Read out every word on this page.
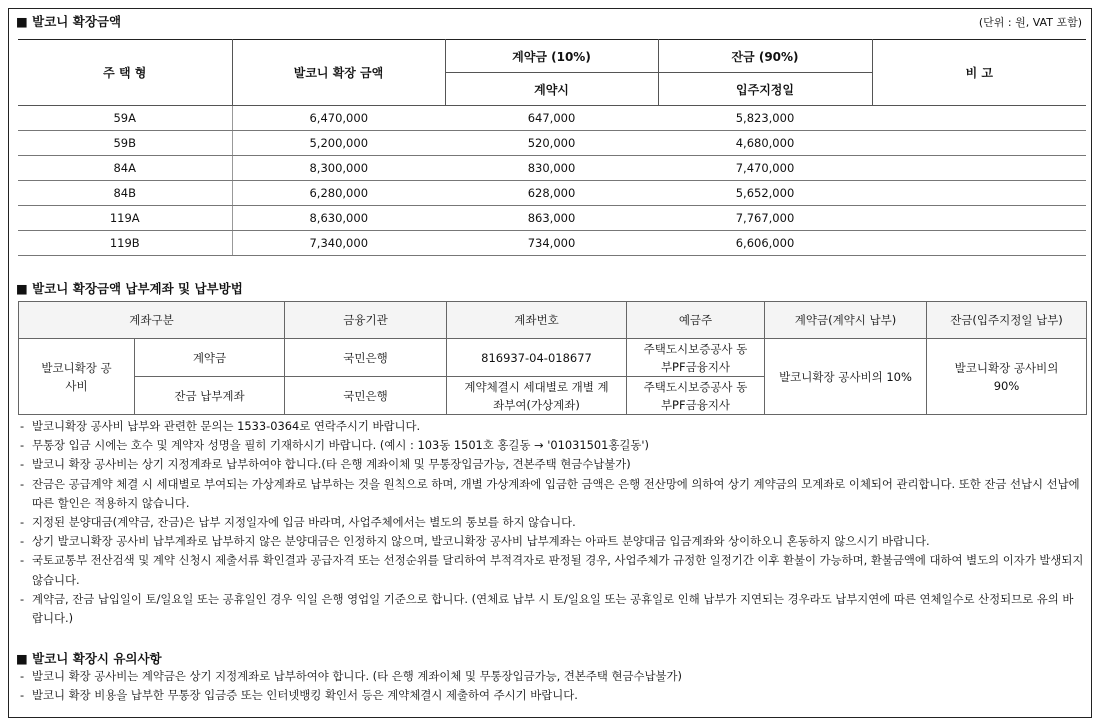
■ 발코니 확장금액	(단위 : 원, VAT 포함)
주 택 형	발코니 확장 금액	계약금 (10%)	잔금 (90%)	비 고
		계약시	입주지정일	
59A	6,470,000	647,000	5,823,000	
59B	5,200,000	520,000	4,680,000	
84A	8,300,000	830,000	7,470,000	
84B	6,280,000	628,000	5,652,000	
119A	8,630,000	863,000	7,767,000	
119B	7,340,000	734,000	6,606,000	
■ 발코니 확장금액 납부계좌 및 납부방법
계좌구분		금융기관	계좌번호	예금주	계약금(계약시 납부)	잔금(입주지정일 납부)
발코니확장 공사비	계약금	국민은행	816937-04-018677	주택도시보증공사 동부PF금융지사	발코니확장 공사비의 10%	발코니확장 공사비의 90%
	잔금 납부계좌	국민은행	계약체결시 세대별로 개별 계좌부여(가상계좌)	주택도시보증공사 동부PF금융지사		
- 발코니확장 공사비 납부와 관련한 문의는 1533-0364로 연락주시기 바랍니다.
- 무통장 입금 시에는 호수 및 계약자 성명을 필히 기재하시기 바랍니다. (예시 : 103동 1501호 홍길동 → '01031501홍길동')
- 발코니 확장 공사비는 상기 지정계좌로 납부하여야 합니다.(타 은행 계좌이체 및 무통장입금가능, 견본주택 현금수납불가)
- 잔금은 공급계약 체결 시 세대별로 부여되는 가상계좌로 납부하는 것을 원칙으로 하며, 개별 가상계좌에 입금한 금액은 은행 전산망에 의하여 상기 계약금의 모계좌로 이체되어 관리합니다. 또한 잔금 선납시 선납에 따른 할인은 적용하지 않습니다.
- 지정된 분양대금(계약금, 잔금)은 납부 지정일자에 입금 바라며, 사업주체에서는 별도의 통보를 하지 않습니다.
- 상기 발코니확장 공사비 납부계좌로 납부하지 않은 분양대금은 인정하지 않으며, 발코니확장 공사비 납부계좌는 아파트 분양대금 입금계좌와 상이하오니 혼동하지 않으시기 바랍니다.
- 국토교통부 전산검색 및 계약 신청시 제출서류 확인결과 공급자격 또는 선정순위를 달리하여 부적격자로 판정될 경우, 사업주체가 규정한 일정기간 이후 환불이 가능하며, 환불금액에 대하여 별도의 이자가 발생되지 않습니다.
- 계약금, 잔금 납입일이 토/일요일 또는 공휴일인 경우 익일 은행 영업일 기준으로 합니다. (연체료 납부 시 토/일요일 또는 공휴일로 인해 납부가 지연되는 경우라도 납부지연에 따른 연체일수로 산정되므로 유의 바랍니다.)
■ 발코니 확장시 유의사항
- 발코니 확장 공사비는 계약금은 상기 지정계좌로 납부하여야 합니다. (타 은행 계좌이체 및 무통장입금가능, 견본주택 현금수납불가)
- 발코니 확장 비용을 납부한 무통장 입금증 또는 인터넷뱅킹 확인서 등은 계약체결시 제출하여 주시기 바랍니다.
